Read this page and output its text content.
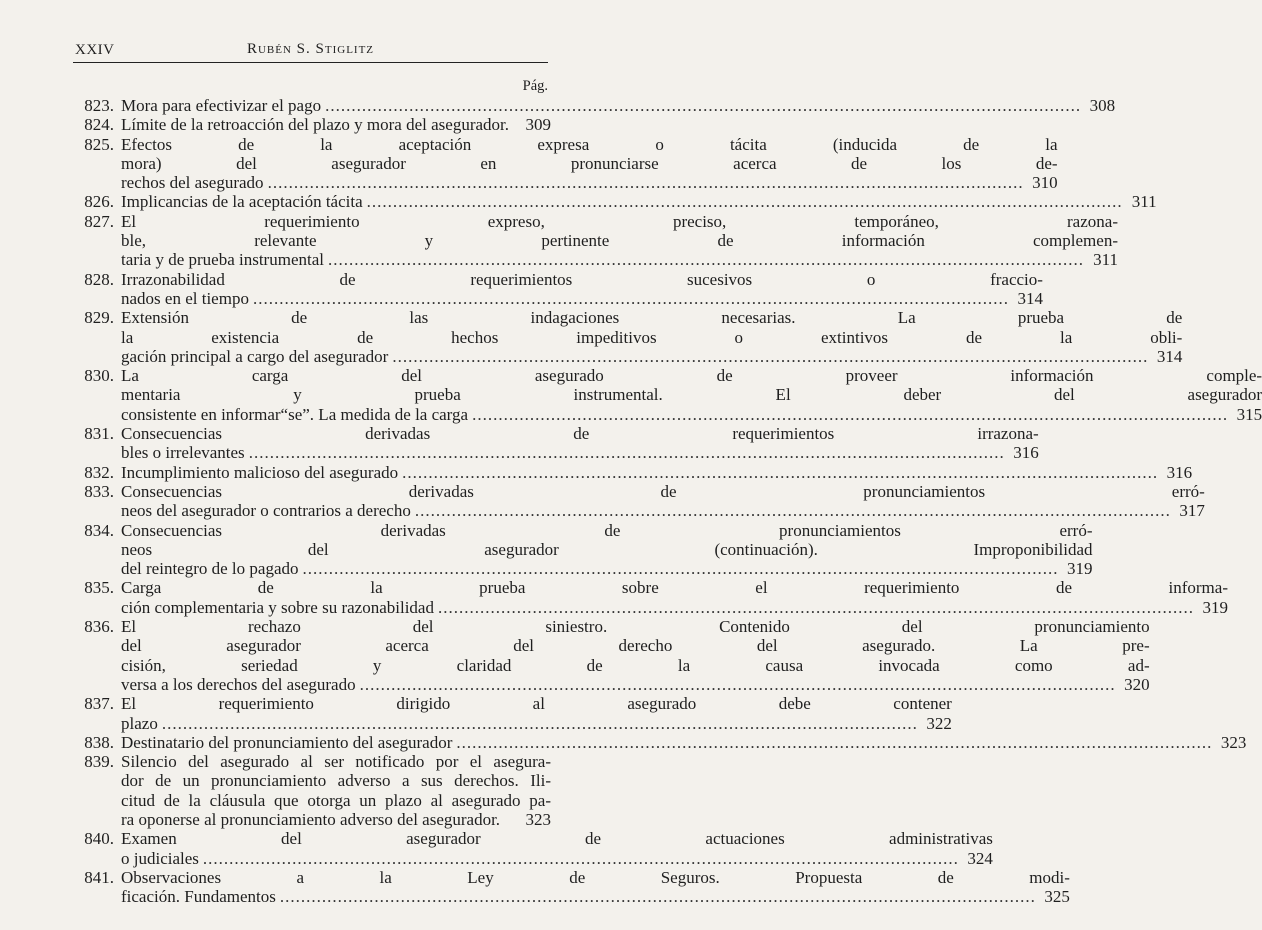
XXIV	Rubén S. Stiglitz
Pág.
823. Mora para efectivizar el pago .....	308
824. Límite de la retroacción del plazo y mora del asegurador. 309
825. Efectos de la aceptación expresa o tácita (inducida de la
mora) del asegurador en pronunciarse acerca de los de-
rechos del asegurado .....	310
826. Implicancias de la aceptación tácita .....	311
827. El requerimiento expreso, preciso, temporáneo, razona-
ble, relevante y pertinente de información complemen-
taria y de prueba instrumental .....	311
828. Irrazonabilidad de requerimientos sucesivos o fraccio-
nados en el tiempo .....	314
829. Extensión de las indagaciones necesarias. La prueba de
la existencia de hechos impeditivos o extintivos de la obli-
gación principal a cargo del asegurador .....	314
830. La carga del asegurado de proveer información comple-
mentaria y prueba instrumental. El deber del asegurador
consistente en informar“se”. La medida de la carga .....	315
831. Consecuencias derivadas de requerimientos irrazona-
bles o irrelevantes .....	316
832. Incumplimiento malicioso del asegurado .....	316
833. Consecuencias derivadas de pronunciamientos erró-
neos del asegurador o contrarios a derecho .....	317
834. Consecuencias derivadas de pronunciamientos erró-
neos del asegurador (continuación). Improponibilidad
del reintegro de lo pagado .....	319
835. Carga de la prueba sobre el requerimiento de informa-
ción complementaria y sobre su razonabilidad .....	319
836. El rechazo del siniestro. Contenido del pronunciamiento
del asegurador acerca del derecho del asegurado. La pre-
cisión, seriedad y claridad de la causa invocada como ad-
versa a los derechos del asegurado .....	320
837. El requerimiento dirigido al asegurado debe contener
plazo .....	322
838. Destinatario del pronunciamiento del asegurador .....	323
839. Silencio del asegurado al ser notificado por el asegura-
dor de un pronunciamiento adverso a sus derechos. Ili-
citud de la cláusula que otorga un plazo al asegurado pa-
ra oponerse al pronunciamiento adverso del asegurador. 323
840. Examen del asegurador de actuaciones administrativas
o judiciales .....	324
841. Observaciones a la Ley de Seguros. Propuesta de modi-
ficación. Fundamentos .....	325
